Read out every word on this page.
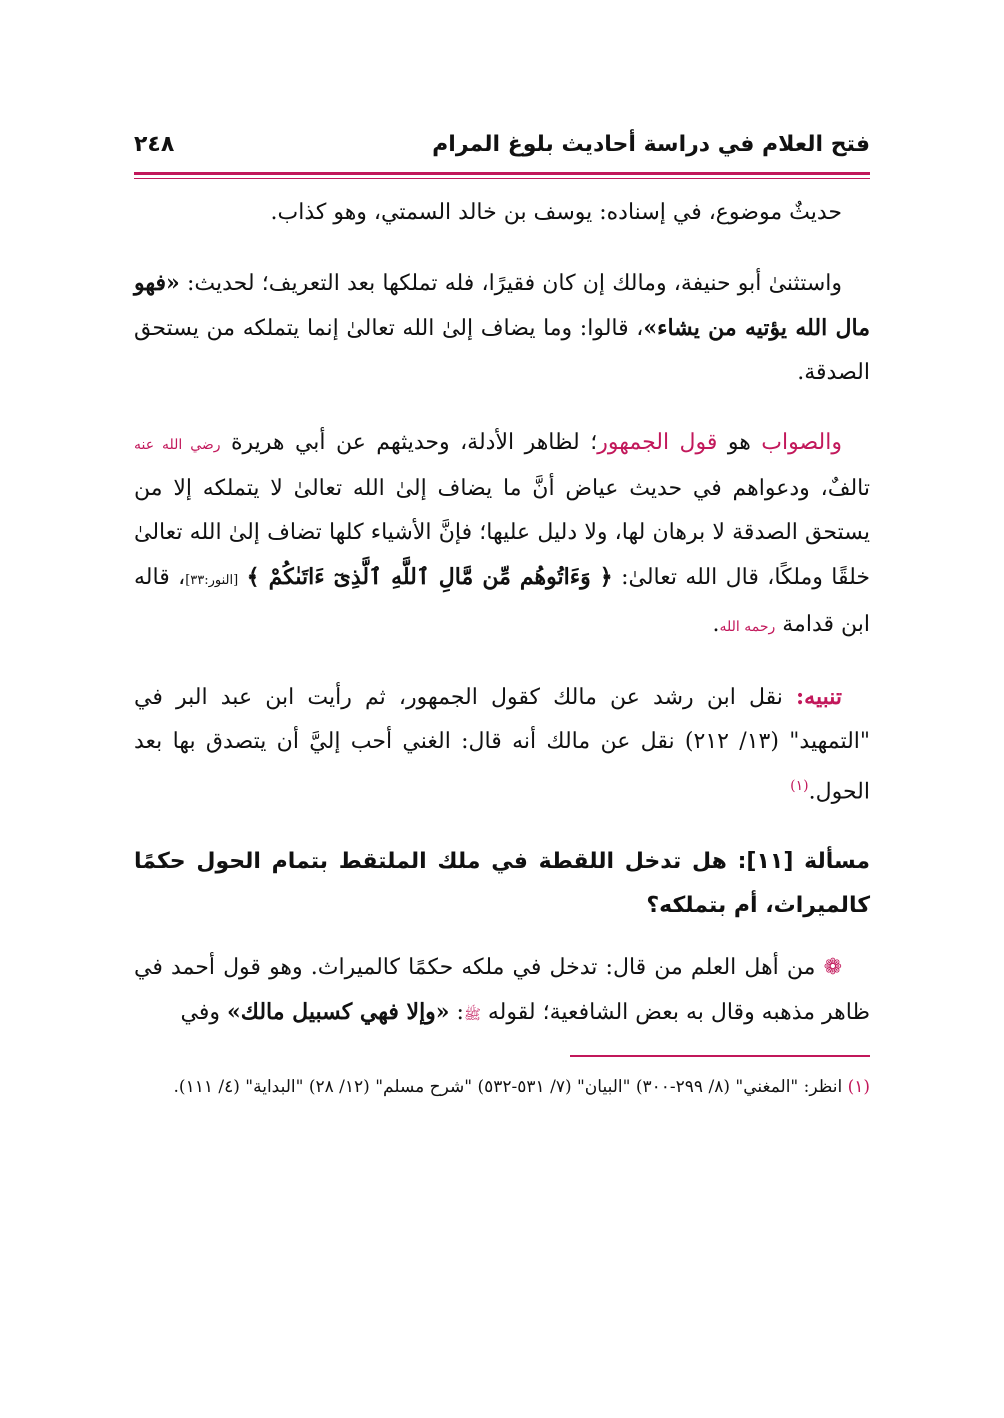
فتح العلام في دراسة أحاديث بلوغ المرام
٢٤٨

حديثٌ موضوع، في إسناده: يوسف بن خالد السمتي، وهو كذاب.

واستثنىٰ أبو حنيفة، ومالك إن كان فقيرًا، فله تملكها بعد التعريف؛ لحديث: «فهو مال الله يؤتيه من يشاء»، قالوا: وما يضاف إلىٰ الله تعالىٰ إنما يتملكه من يستحق الصدقة.

والصواب هو قول الجمهور؛ لظاهر الأدلة، وحديثهم عن أبي هريرة رضي الله عنه تالفٌ، ودعواهم في حديث عياض أنَّ ما يضاف إلىٰ الله تعالىٰ لا يتملكه إلا من يستحق الصدقة لا برهان لها، ولا دليل عليها؛ فإنَّ الأشياء كلها تضاف إلىٰ الله تعالىٰ خلقًا وملكًا، قال الله تعالىٰ: ﴿ وَءَاتُوهُم مِّن مَّالِ ٱللَّهِ ٱلَّذِىٓ ءَاتَىٰكُمْ ﴾ [النور:٣٣]، قاله ابن قدامة رحمه الله.

تنبيه: نقل ابن رشد عن مالك كقول الجمهور، ثم رأيت ابن عبد البر في "التمهيد" (١٣/ ٢١٢) نقل عن مالك أنه قال: الغني أحب إليَّ أن يتصدق بها بعد الحول.$^{(١)}$

مسألة [١١]: هل تدخل اللقطة في ملك الملتقط بتمام الحول حكمًا كالميراث، أم بتملكه؟

❁ من أهل العلم من قال: تدخل في ملكه حكمًا كالميراث. وهو قول أحمد في ظاهر مذهبه وقال به بعض الشافعية؛ لقوله ﷺ: «وإلا فهي كسبيل مالك» وفي

(١) انظر: "المغني" (٨/ ٢٩٩-٣٠٠) "البيان" (٧/ ٥٣١-٥٣٢) "شرح مسلم" (١٢/ ٢٨) "البداية" (٤/ ١١١).
